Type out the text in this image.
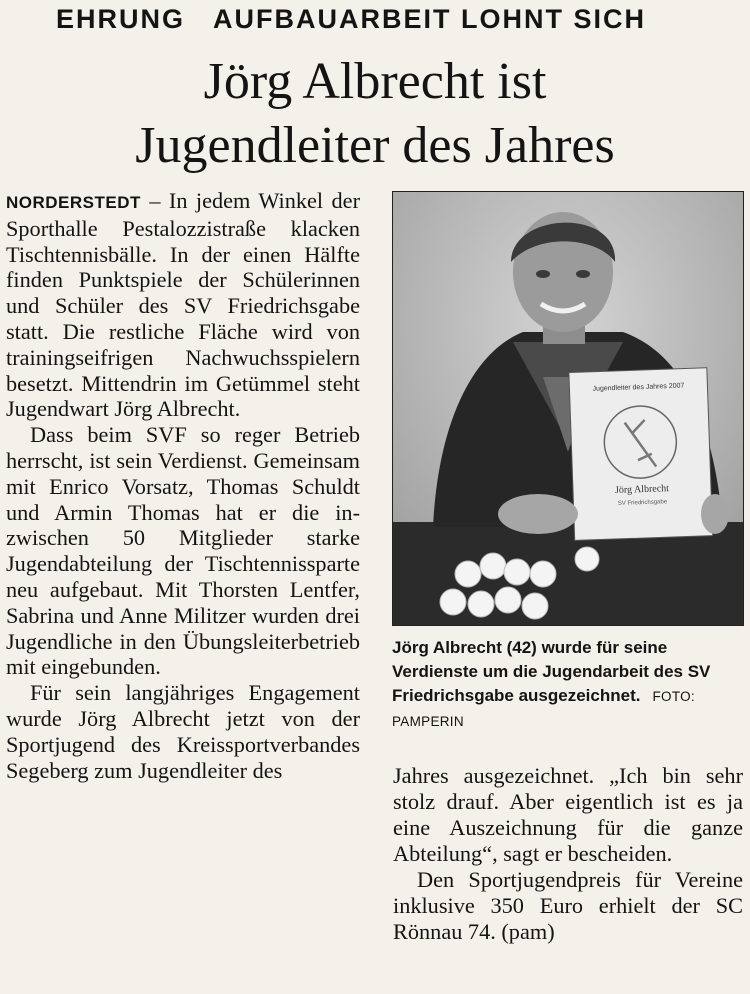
EHRUNG AUFBAUARBEIT LOHNT SICH
Jörg Albrecht ist
Jugendleiter des Jahres

NORDERSTEDT – In jedem Winkel der Sporthalle Pestalozzistraße klacken Tischtennisbälle. In der einen Hälfte finden Punktspiele der Schülerinnen und Schüler des SV Friedrichsgabe statt. Die restliche Fläche wird von trainingseifrigen Nachwuchsspielern besetzt. Mittendrin im Getümmel steht Jugendwart Jörg Albrecht.

Dass beim SVF so reger Betrieb herrscht, ist sein Verdienst. Gemeinsam mit Enrico Vorsatz, Thomas Schuldt und Armin Thomas hat er die inzwischen 50 Mitglieder starke Jugendabteilung der Tischtennissparte neu aufgebaut. Mit Thorsten Lentfer, Sabrina und Anne Militzer wurden drei Jugendliche in den Übungsleiterbetrieb mit eingebunden.

Für sein langjähriges Engagement wurde Jörg Albrecht jetzt von der Sportjugend des Kreissportverbandes Segeberg zum Jugendleiter des

Jugendleiter des Jahres 2007
Jörg Albrecht
SV Friedrichsgabe
Jörg Albrecht (42) wurde für seine Verdienste um die Jugendarbeit des SV Friedrichsgabe ausgezeichnet. FOTO: PAMPERIN

Jahres ausgezeichnet. „Ich bin sehr stolz drauf. Aber eigentlich ist es ja eine Auszeichnung für die ganze Abteilung“, sagt er bescheiden.

Den Sportjugendpreis für Vereine inklusive 350 Euro erhielt der SC Rönnau 74. (pam)
